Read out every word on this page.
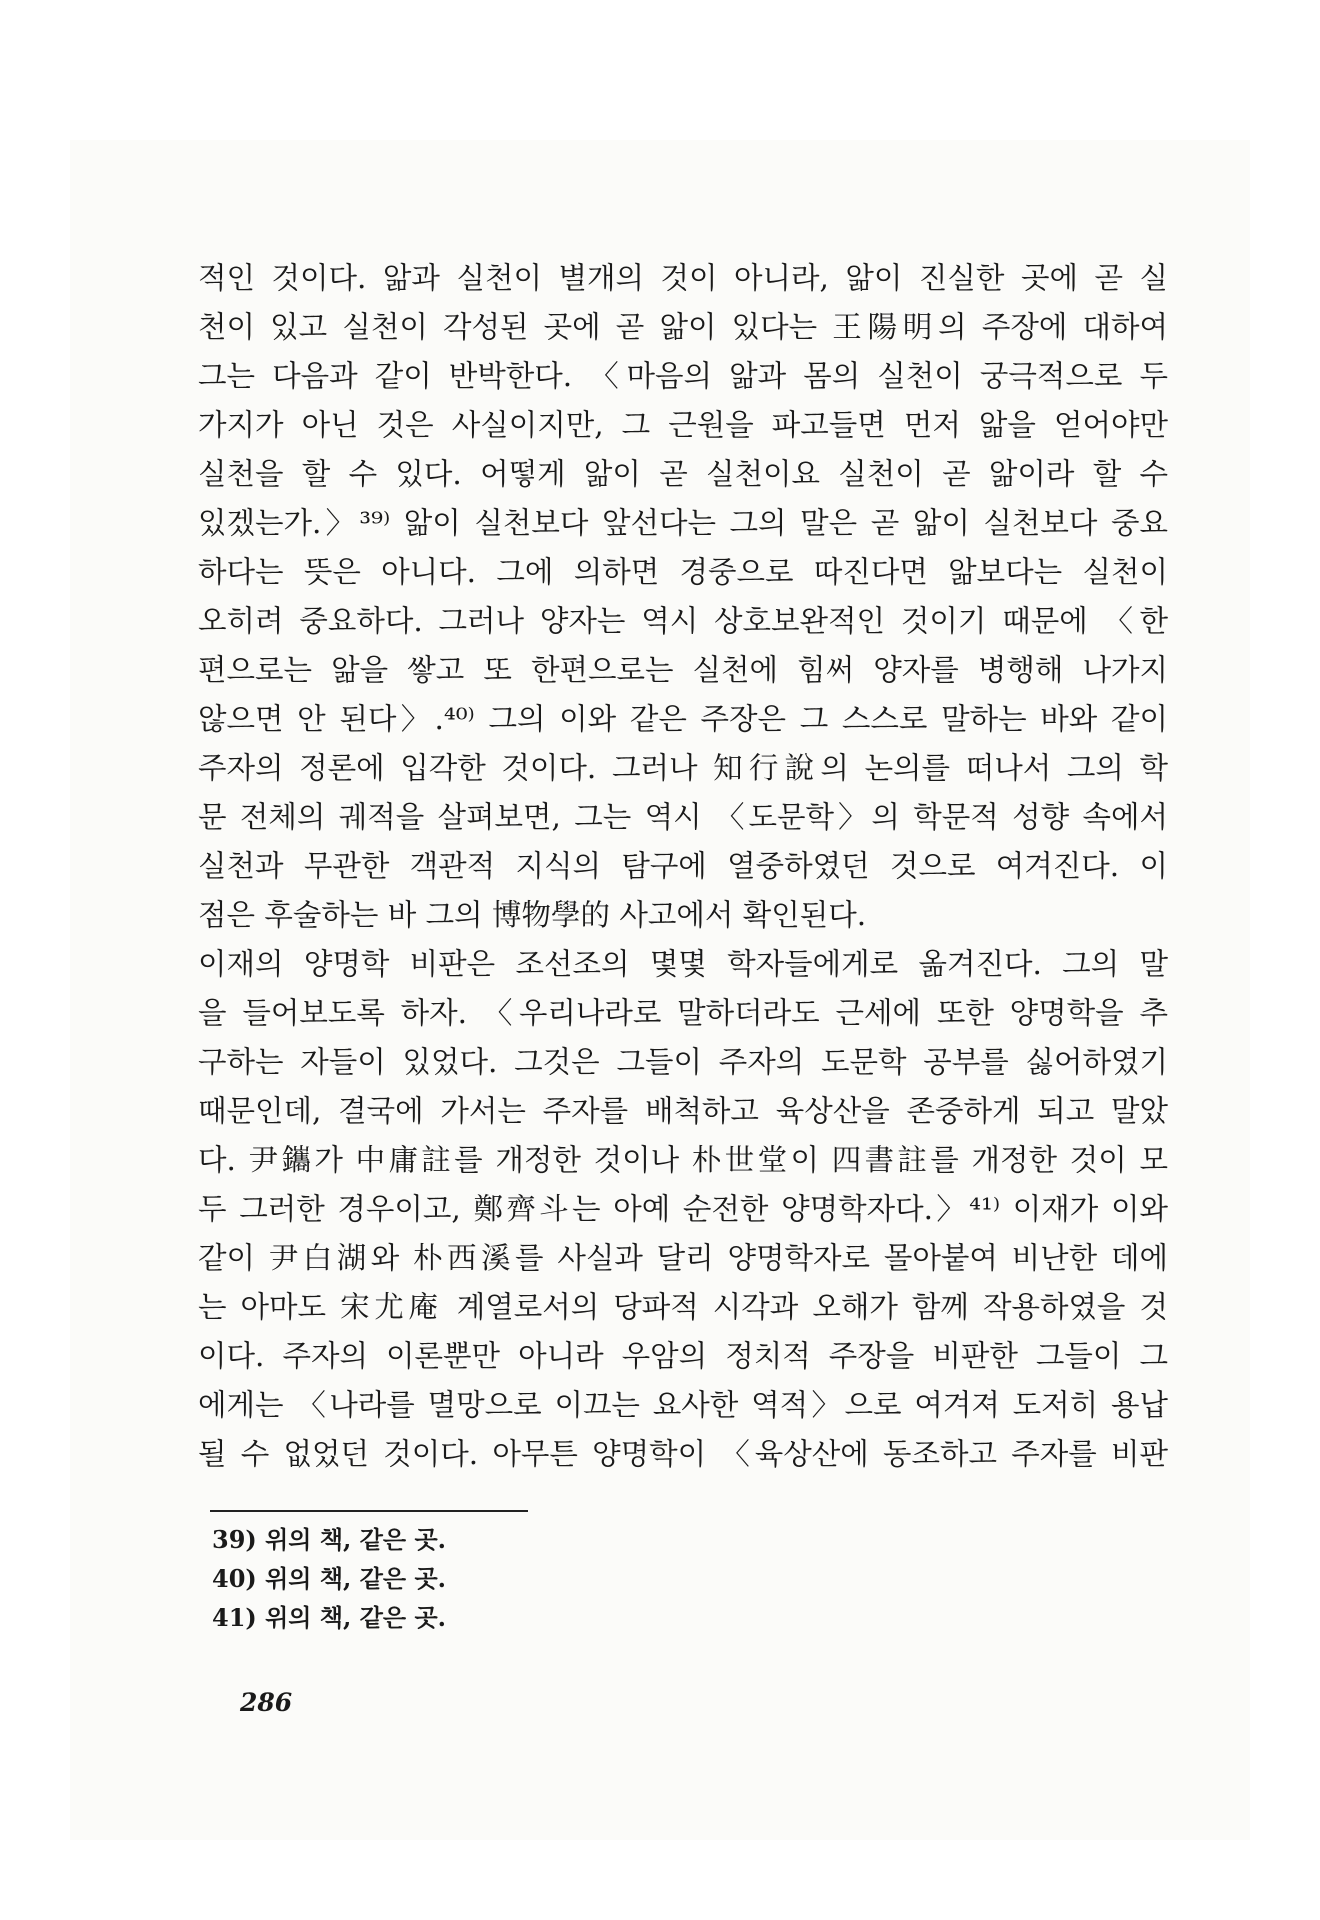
적인 것이다. 앎과 실천이 별개의 것이 아니라, 앎이 진실한 곳에 곧 실
천이 있고 실천이 각성된 곳에 곧 앎이 있다는 王陽明의 주장에 대하여
그는 다음과 같이 반박한다. 〈마음의 앎과 몸의 실천이 궁극적으로 두
가지가 아닌 것은 사실이지만, 그 근원을 파고들면 먼저 앎을 얻어야만
실천을 할 수 있다. 어떻게 앎이 곧 실천이요 실천이 곧 앎이라 할 수
있겠는가.〉³⁹⁾ 앎이 실천보다 앞선다는 그의 말은 곧 앎이 실천보다 중요
하다는 뜻은 아니다. 그에 의하면 경중으로 따진다면 앎보다는 실천이
오히려 중요하다. 그러나 양자는 역시 상호보완적인 것이기 때문에 〈한
편으로는 앎을 쌓고 또 한편으로는 실천에 힘써 양자를 병행해 나가지
않으면 안 된다〉.⁴⁰⁾ 그의 이와 같은 주장은 그 스스로 말하는 바와 같이
주자의 정론에 입각한 것이다. 그러나 知行說의 논의를 떠나서 그의 학
문 전체의 궤적을 살펴보면, 그는 역시 〈도문학〉의 학문적 성향 속에서
실천과 무관한 객관적 지식의 탐구에 열중하였던 것으로 여겨진다. 이
점은 후술하는 바 그의 博物學的 사고에서 확인된다.
이재의 양명학 비판은 조선조의 몇몇 학자들에게로 옮겨진다. 그의 말
을 들어보도록 하자. 〈우리나라로 말하더라도 근세에 또한 양명학을 추
구하는 자들이 있었다. 그것은 그들이 주자의 도문학 공부를 싫어하였기
때문인데, 결국에 가서는 주자를 배척하고 육상산을 존중하게 되고 말았
다. 尹鑴가 中庸註를 개정한 것이나 朴世堂이 四書註를 개정한 것이 모
두 그러한 경우이고, 鄭齊斗는 아예 순전한 양명학자다.〉⁴¹⁾ 이재가 이와
같이 尹白湖와 朴西溪를 사실과 달리 양명학자로 몰아붙여 비난한 데에
는 아마도 宋尤庵 계열로서의 당파적 시각과 오해가 함께 작용하였을 것
이다. 주자의 이론뿐만 아니라 우암의 정치적 주장을 비판한 그들이 그
에게는 〈나라를 멸망으로 이끄는 요사한 역적〉으로 여겨져 도저히 용납
될 수 없었던 것이다. 아무튼 양명학이 〈육상산에 동조하고 주자를 비판
39) 위의 책, 같은 곳.
40) 위의 책, 같은 곳.
41) 위의 책, 같은 곳.
286
